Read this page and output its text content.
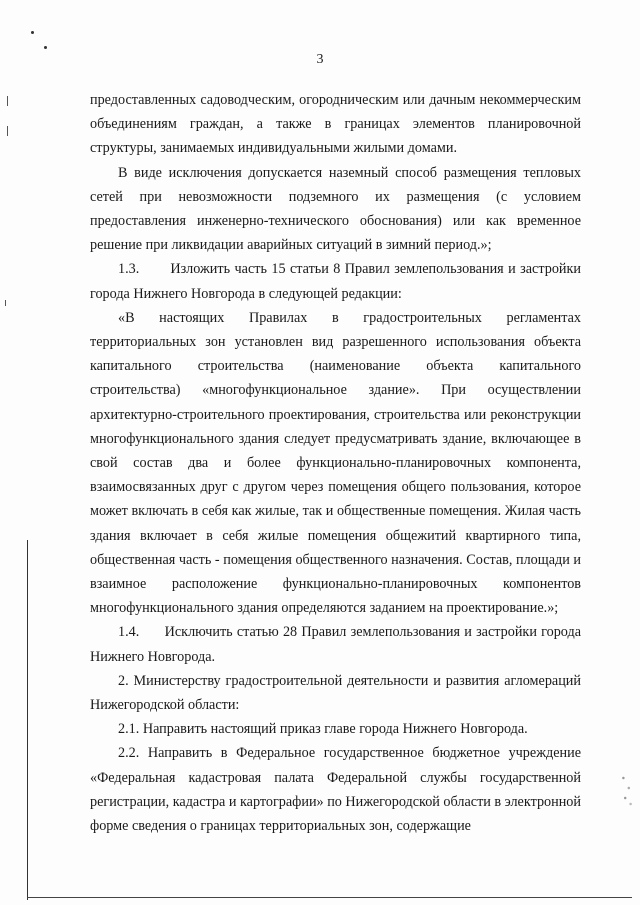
3

предоставленных садоводческим, огородническим или дачным некоммерческим объединениям граждан, а также в границах элементов планировочной структуры, занимаемых индивидуальными жилыми домами.

В виде исключения допускается наземный способ размещения тепловых сетей при невозможности подземного их размещения (с условием предоставления инженерно-технического обоснования) или как временное решение при ликвидации аварийных ситуаций в зимний период.»;

1.3.       Изложить часть 15 статьи 8 Правил землепользования и застройки города Нижнего Новгорода в следующей редакции:

«В настоящих Правилах в градостроительных регламентах территориальных зон установлен вид разрешенного использования объекта капитального строительства (наименование объекта капитального строительства) «многофункциональное здание». При осуществлении архитектурно-строительного проектирования, строительства или реконструкции многофункционального здания следует предусматривать здание, включающее в свой состав два и более функционально-планировочных компонента, взаимосвязанных друг с другом через помещения общего пользования, которое может включать в себя как жилые, так и общественные помещения. Жилая часть здания включает в себя жилые помещения общежитий квартирного типа, общественная часть - помещения общественного назначения. Состав, площади и взаимное расположение функционально-планировочных компонентов многофункционального здания определяются заданием на проектирование.»;

1.4.      Исключить статью 28 Правил землепользования и застройки города Нижнего Новгорода.

2. Министерству градостроительной деятельности и развития агломераций Нижегородской области:

2.1. Направить настоящий приказ главе города Нижнего Новгорода.

2.2. Направить в Федеральное государственное бюджетное учреждение «Федеральная кадастровая палата Федеральной службы государственной регистрации, кадастра и картографии» по Нижегородской области в электронной форме сведения о границах территориальных зон, содержащие
